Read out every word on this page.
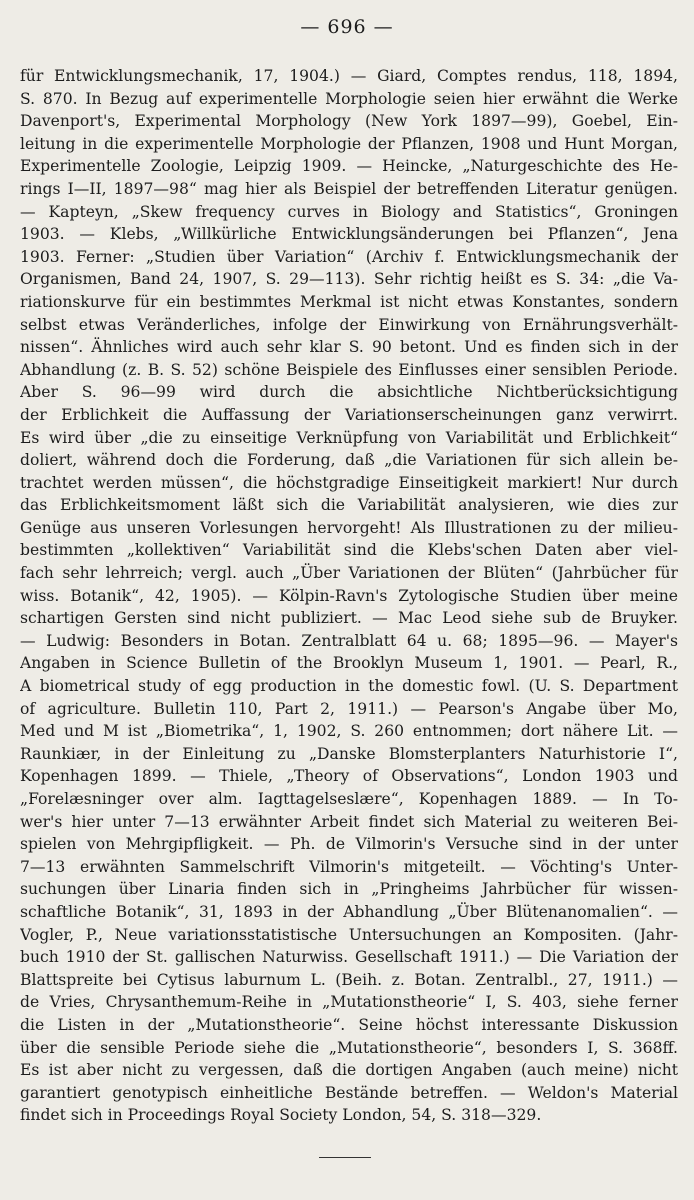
— 696 —
für Entwicklungsmechanik, 17, 1904.) — Giard, Comptes rendus, 118, 1894,
S. 870. In Bezug auf experimentelle Morphologie seien hier erwähnt die Werke
Davenport's, Experimental Morphology (New York 1897—99), Goebel, Ein-
leitung in die experimentelle Morphologie der Pflanzen, 1908 und Hunt Morgan,
Experimentelle Zoologie, Leipzig 1909. — Heincke, „Naturgeschichte des He-
rings I—II, 1897—98“ mag hier als Beispiel der betreffenden Literatur genügen.
— Kapteyn, „Skew frequency curves in Biology and Statistics“, Groningen
1903. — Klebs, „Willkürliche Entwicklungsänderungen bei Pflanzen“, Jena
1903. Ferner: „Studien über Variation“ (Archiv f. Entwicklungsmechanik der
Organismen, Band 24, 1907, S. 29—113). Sehr richtig heißt es S. 34: „die Va-
riationskurve für ein bestimmtes Merkmal ist nicht etwas Konstantes, sondern
selbst etwas Veränderliches, infolge der Einwirkung von Ernährungsverhält-
nissen“. Ähnliches wird auch sehr klar S. 90 betont. Und es finden sich in der
Abhandlung (z. B. S. 52) schöne Beispiele des Einflusses einer sensiblen Periode.
Aber S. 96—99 wird durch die absichtliche Nichtberücksichtigung
der Erblichkeit die Auffassung der Variationserscheinungen ganz verwirrt.
Es wird über „die zu einseitige Verknüpfung von Variabilität und Erblichkeit“
doliert, während doch die Forderung, daß „die Variationen für sich allein be-
trachtet werden müssen“, die höchstgradige Einseitigkeit markiert! Nur durch
das Erblichkeitsmoment läßt sich die Variabilität analysieren, wie dies zur
Genüge aus unseren Vorlesungen hervorgeht! Als Illustrationen zu der milieu-
bestimmten „kollektiven“ Variabilität sind die Klebs'schen Daten aber viel-
fach sehr lehrreich; vergl. auch „Über Variationen der Blüten“ (Jahrbücher für
wiss. Botanik“, 42, 1905). — Kölpin-Ravn's Zytologische Studien über meine
schartigen Gersten sind nicht publiziert. — Mac Leod siehe sub de Bruyker.
— Ludwig: Besonders in Botan. Zentralblatt 64 u. 68; 1895—96. — Mayer's
Angaben in Science Bulletin of the Brooklyn Museum 1, 1901. — Pearl, R.,
A biometrical study of egg production in the domestic fowl. (U. S. Department
of agriculture. Bulletin 110, Part 2, 1911.) — Pearson's Angabe über Mo,
Med und M ist „Biometrika“, 1, 1902, S. 260 entnommen; dort nähere Lit. —
Raunkiær, in der Einleitung zu „Danske Blomsterplanters Naturhistorie I“,
Kopenhagen 1899. — Thiele, „Theory of Observations“, London 1903 und
„Forelæsninger over alm. Iagttagelseslære“, Kopenhagen 1889. — In To-
wer's hier unter 7—13 erwähnter Arbeit findet sich Material zu weiteren Bei-
spielen von Mehrgipfligkeit. — Ph. de Vilmorin's Versuche sind in der unter
7—13 erwähnten Sammelschrift Vilmorin's mitgeteilt. — Vöchting's Unter-
suchungen über Linaria finden sich in „Pringheims Jahrbücher für wissen-
schaftliche Botanik“, 31, 1893 in der Abhandlung „Über Blütenanomalien“. —
Vogler, P., Neue variationsstatistische Untersuchungen an Kompositen. (Jahr-
buch 1910 der St. gallischen Naturwiss. Gesellschaft 1911.) — Die Variation der
Blattspreite bei Cytisus laburnum L. (Beih. z. Botan. Zentralbl., 27, 1911.) —
de Vries, Chrysanthemum-Reihe in „Mutationstheorie“ I, S. 403, siehe ferner
die Listen in der „Mutationstheorie“. Seine höchst interessante Diskussion
über die sensible Periode siehe die „Mutationstheorie“, besonders I, S. 368ff.
Es ist aber nicht zu vergessen, daß die dortigen Angaben (auch meine) nicht
garantiert genotypisch einheitliche Bestände betreffen. — Weldon's Material
findet sich in Proceedings Royal Society London, 54, S. 318—329.
